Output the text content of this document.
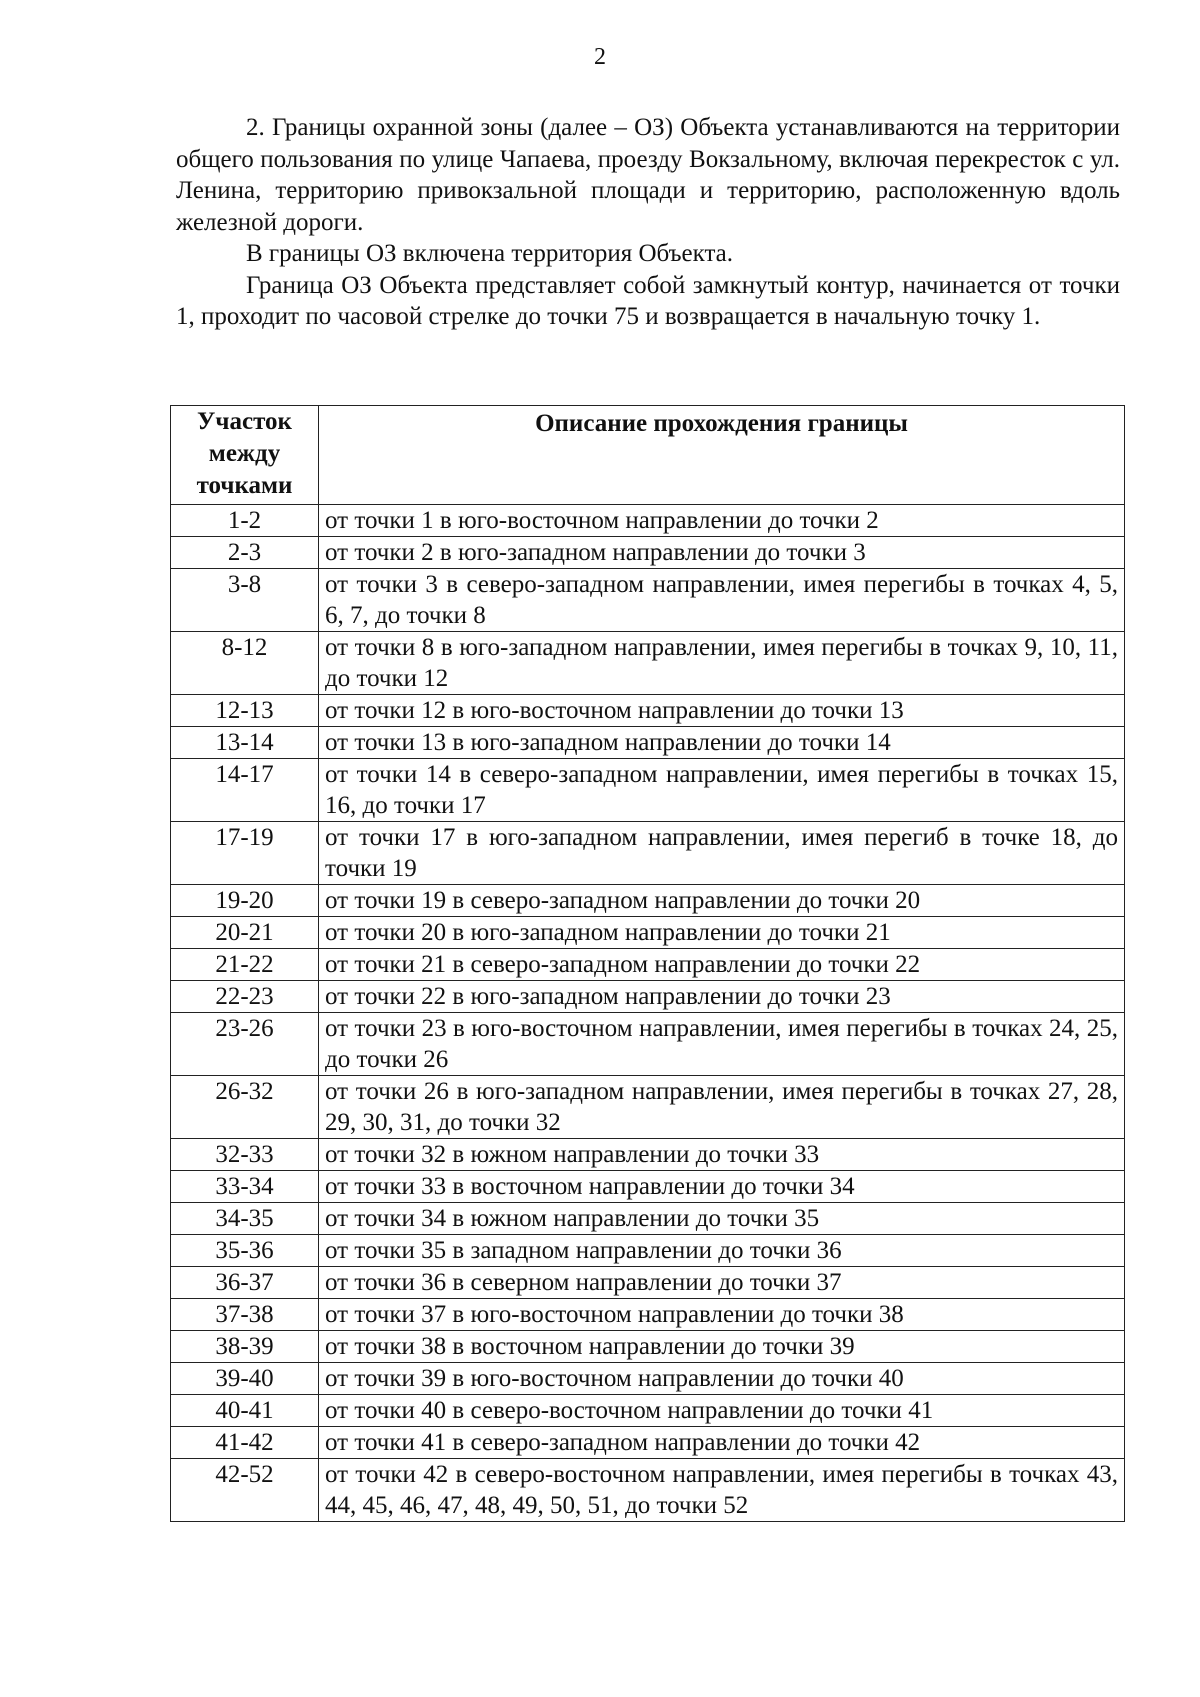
2

2. Границы охранной зоны (далее – ОЗ) Объекта устанавливаются на территории общего пользования по улице Чапаева, проезду Вокзальному, включая перекресток с ул. Ленина, территорию привокзальной площади и территорию, расположенную вдоль железной дороги.

В границы ОЗ включена территория Объекта.

Граница ОЗ Объекта представляет собой замкнутый контур, начинается от точки 1, проходит по часовой стрелке до точки 75 и возвращается в начальную точку 1.

Участок между точками	Описание прохождения границы
1-2	от точки 1 в юго-восточном направлении до точки 2
2-3	от точки 2 в юго-западном направлении до точки 3
3-8	от точки 3 в северо-западном направлении, имея перегибы в точках 4, 5, 6, 7, до точки 8
8-12	от точки 8 в юго-западном направлении, имея перегибы в точках 9, 10, 11, до точки 12
12-13	от точки 12 в юго-восточном направлении до точки 13
13-14	от точки 13 в юго-западном направлении до точки 14
14-17	от точки 14 в северо-западном направлении, имея перегибы в точках 15, 16, до точки 17
17-19	от точки 17 в юго-западном направлении, имея перегиб в точке 18, до точки 19
19-20	от точки 19 в северо-западном направлении до точки 20
20-21	от точки 20 в юго-западном направлении до точки 21
21-22	от точки 21 в северо-западном направлении до точки 22
22-23	от точки 22 в юго-западном направлении до точки 23
23-26	от точки 23 в юго-восточном направлении, имея перегибы в точках 24, 25, до точки 26
26-32	от точки 26 в юго-западном направлении, имея перегибы в точках 27, 28, 29, 30, 31, до точки 32
32-33	от точки 32 в южном направлении до точки 33
33-34	от точки 33 в восточном направлении до точки 34
34-35	от точки 34 в южном направлении до точки 35
35-36	от точки 35 в западном направлении до точки 36
36-37	от точки 36 в северном направлении до точки 37
37-38	от точки 37 в юго-восточном направлении до точки 38
38-39	от точки 38 в восточном направлении до точки 39
39-40	от точки 39 в юго-восточном направлении до точки 40
40-41	от точки 40 в северо-восточном направлении до точки 41
41-42	от точки 41 в северо-западном направлении до точки 42
42-52	от точки 42 в северо-восточном направлении, имея перегибы в точках 43, 44, 45, 46, 47, 48, 49, 50, 51, до точки 52
